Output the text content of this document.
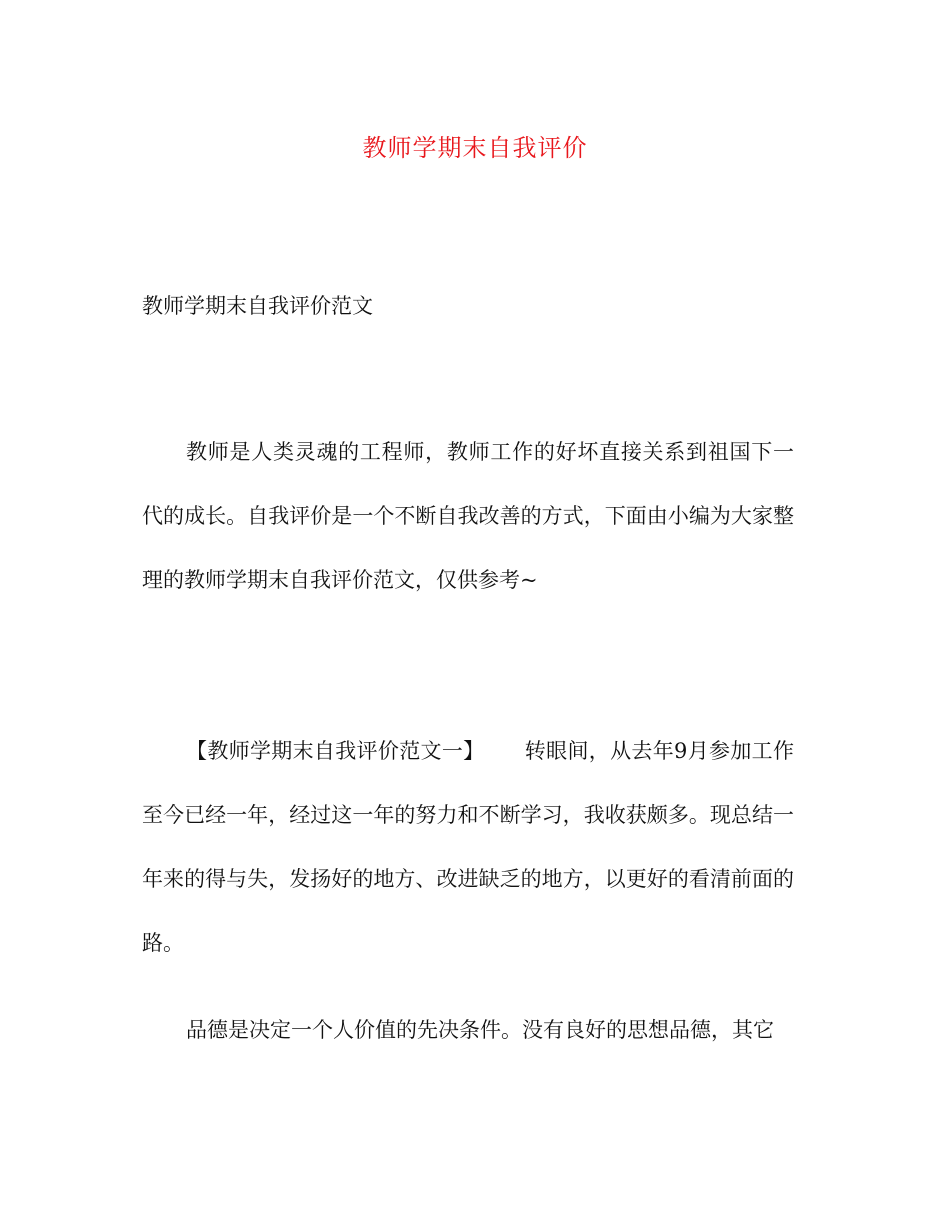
教师学期末自我评价
教师学期末自我评价范文

教师是人类灵魂的工程师，教师工作的好坏直接关系到祖国下一代的成长。自我评价是一个不断自我改善的方式，下面由小编为大家整理的教师学期末自我评价范文，仅供参考~

【教师学期末自我评价范文一】 转眼间，从去年9月参加工作至今已经一年，经过这一年的努力和不断学习，我收获颇多。现总结一年来的得与失，发扬好的地方、改进缺乏的地方，以更好的看清前面的路。

品德是决定一个人价值的先决条件。没有良好的思想品德，其它
